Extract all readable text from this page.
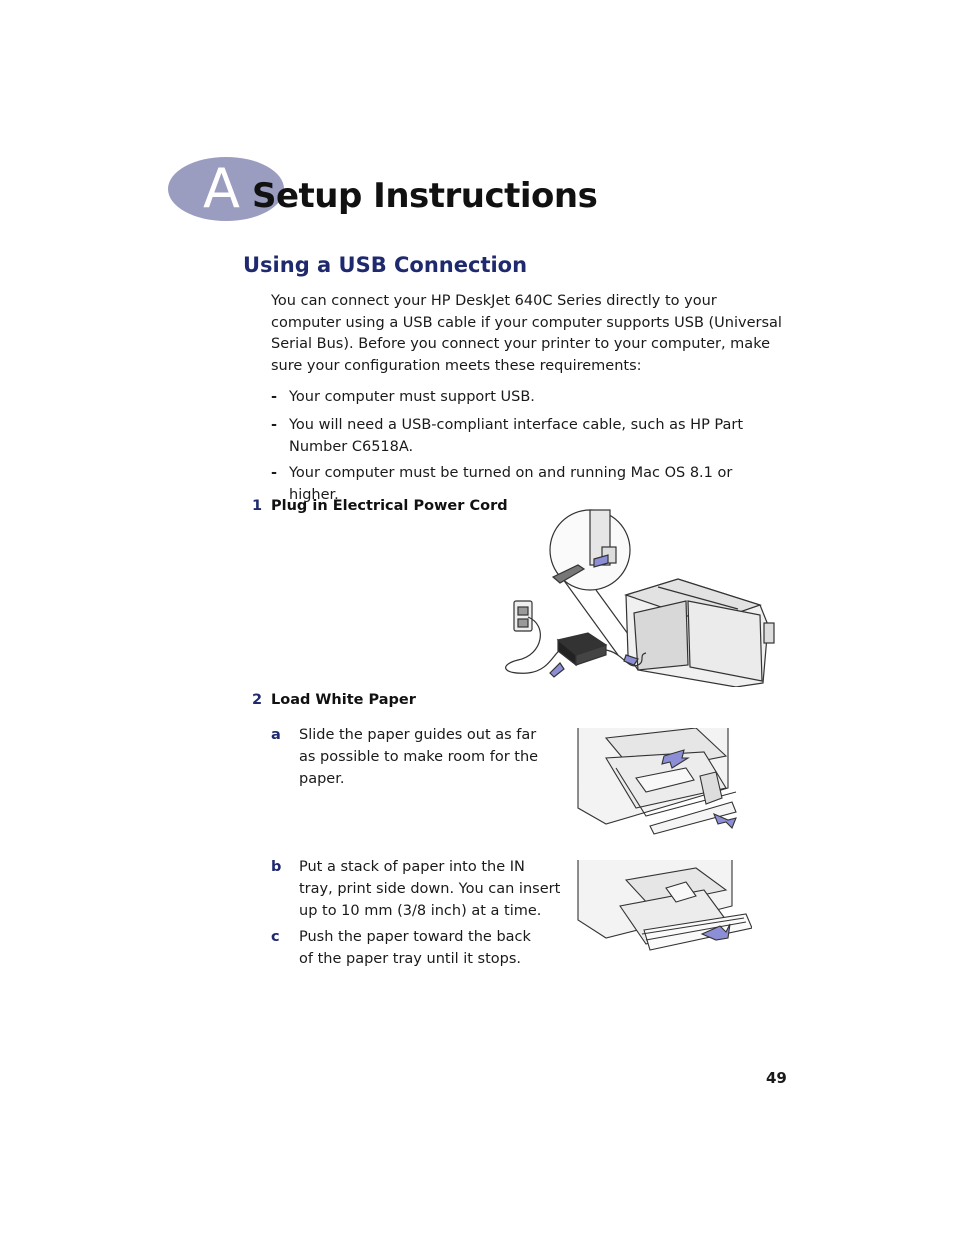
A Setup Instructions
Using a USB Connection
You can connect your HP DeskJet 640C Series directly to your computer using a USB cable if your computer supports USB (Universal Serial Bus). Before you connect your printer to your computer, make sure your configuration meets these requirements:
- Your computer must support USB.
- You will need a USB-compliant interface cable, such as HP Part Number C6518A.
- Your computer must be turned on and running Mac OS 8.1 or higher.
1 Plug in Electrical Power Cord
2 Load White Paper
a Slide the paper guides out as far as possible to make room for the paper.
b Put a stack of paper into the IN tray, print side down. You can insert up to 10 mm (3/8 inch) at a time.
c Push the paper toward the back of the paper tray until it stops.
49
